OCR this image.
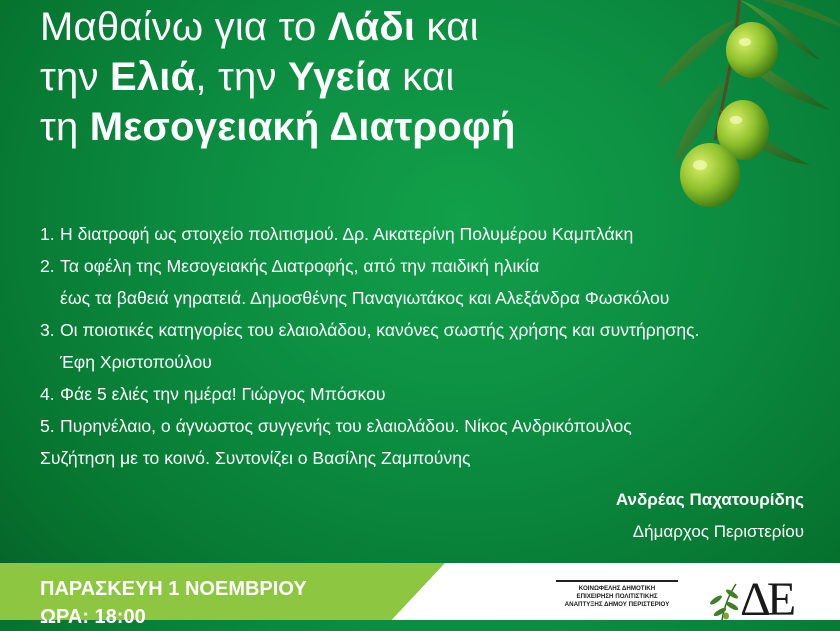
Μαθαίνω για το Λάδι και
την Ελιά, την Υγεία και
τη Μεσογειακή Διατροφή
1. Η διατροφή ως στοιχείο πολιτισμού. Δρ. Αικατερίνη Πολυμέρου Καμπλάκη
2. Τα οφέλη της Μεσογειακής Διατροφής, από την παιδική ηλικία
έως τα βαθειά γηρατειά. Δημοσθένης Παναγιωτάκος και Αλεξάνδρα Φωσκόλου
3. Οι ποιοτικές κατηγορίες του ελαιολάδου, κανόνες σωστής χρήσης και συντήρησης.
Έφη Χριστοπούλου
4. Φάε 5 ελιές την ημέρα! Γιώργος Μπόσκου
5. Πυρηνέλαιο, ο άγνωστος συγγενής του ελαιολάδου. Νίκος Ανδρικόπουλος
Συζήτηση με το κοινό. Συντονίζει ο Βασίλης Ζαμπούνης
Ανδρέας Παχατουρίδης
Δήμαρχος Περιστερίου
ΠΑΡΑΣΚΕΥΗ 1 ΝΟΕΜΒΡΙΟΥ
ΩΡΑ: 18:00
ΚΟΙΝΩΦΕΛΗΣ ΔΗΜΟΤΙΚΗ
ΕΠΙΧΕΙΡΗΣΗ ΠΟΛΙΤΙΣΤΙΚΗΣ
ΑΝΑΠΤΥΞΗΣ ΔΗΜΟΥ ΠΕΡΙΣΤΕΡΙΟΥ ΔΕ
